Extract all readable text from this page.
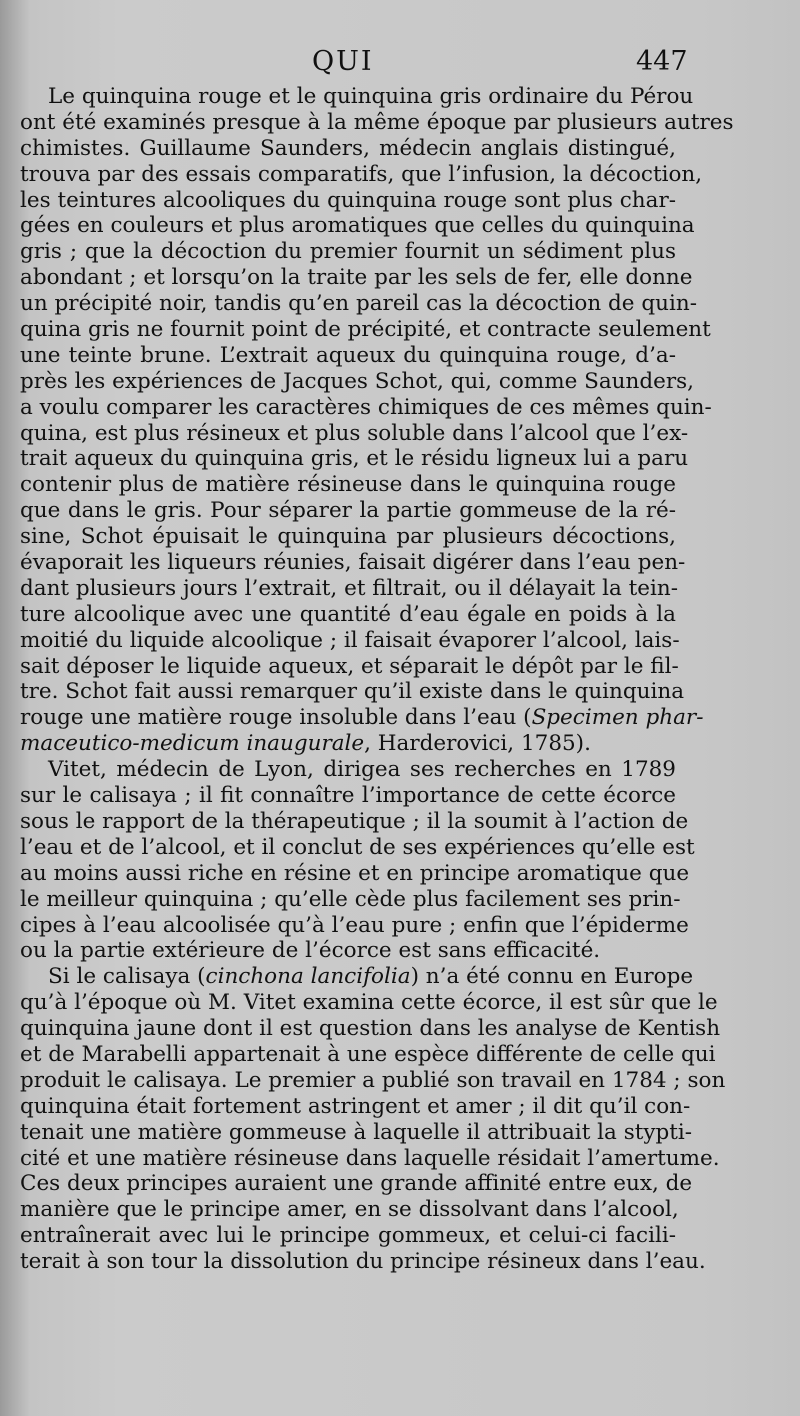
QUI	447
Le quinquina rouge et le quinquina gris ordinaire du Pérou
ont été examinés presque à la même époque par plusieurs autres
chimistes. Guillaume Saunders, médecin anglais distingué,
trouva par des essais comparatifs, que l’infusion, la décoction,
les teintures alcooliques du quinquina rouge sont plus char-
gées en couleurs et plus aromatiques que celles du quinquina
gris ; que la décoction du premier fournit un sédiment plus
abondant ; et lorsqu’on la traite par les sels de fer, elle donne
un précipité noir, tandis qu’en pareil cas la décoction de quin-
quina gris ne fournit point de précipité, et contracte seulement
une teinte brune. L’extrait aqueux du quinquina rouge, d’a-
près les expériences de Jacques Schot, qui, comme Saunders,
a voulu comparer les caractères chimiques de ces mêmes quin-
quina, est plus résineux et plus soluble dans l’alcool que l’ex-
trait aqueux du quinquina gris, et le résidu ligneux lui a paru
contenir plus de matière résineuse dans le quinquina rouge
que dans le gris. Pour séparer la partie gommeuse de la ré-
sine, Schot épuisait le quinquina par plusieurs décoctions,
évaporait les liqueurs réunies, faisait digérer dans l’eau pen-
dant plusieurs jours l’extrait, et filtrait, ou il délayait la tein-
ture alcoolique avec une quantité d’eau égale en poids à la
moitié du liquide alcoolique ; il faisait évaporer l’alcool, lais-
sait déposer le liquide aqueux, et séparait le dépôt par le fil-
tre. Schot fait aussi remarquer qu’il existe dans le quinquina
rouge une matière rouge insoluble dans l’eau (Specimen phar-
maceutico-medicum inaugurale, Harderovici, 1785).
Vitet, médecin de Lyon, dirigea ses recherches en 1789
sur le calisaya ; il fit connaître l’importance de cette écorce
sous le rapport de la thérapeutique ; il la soumit à l’action de
l’eau et de l’alcool, et il conclut de ses expériences qu’elle est
au moins aussi riche en résine et en principe aromatique que
le meilleur quinquina ; qu’elle cède plus facilement ses prin-
cipes à l’eau alcoolisée qu’à l’eau pure ; enfin que l’épiderme
ou la partie extérieure de l’écorce est sans efficacité.
Si le calisaya (cinchona lancifolia) n’a été connu en Europe
qu’à l’époque où M. Vitet examina cette écorce, il est sûr que le
quinquina jaune dont il est question dans les analyse de Kentish
et de Marabelli appartenait à une espèce différente de celle qui
produit le calisaya. Le premier a publié son travail en 1784 ; son
quinquina était fortement astringent et amer ; il dit qu’il con-
tenait une matière gommeuse à laquelle il attribuait la stypti-
cité et une matière résineuse dans laquelle résidait l’amertume.
Ces deux principes auraient une grande affinité entre eux, de
manière que le principe amer, en se dissolvant dans l’alcool,
entraînerait avec lui le principe gommeux, et celui-ci facili-
terait à son tour la dissolution du principe résineux dans l’eau.
